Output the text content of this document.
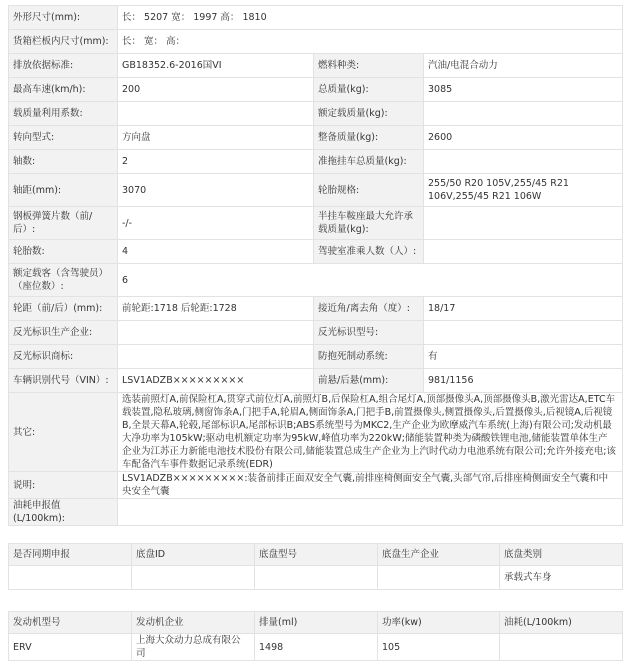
外形尺寸(mm):	长： 5207 宽： 1997 高： 1810		
货箱栏板内尺寸(mm):	长： 宽： 高：		
排放依据标准:	GB18352.6-2016国VI	燃料种类:	汽油/电混合动力
最高车速(km/h):	200	总质量(kg):	3085
载质量利用系数:		额定载质量(kg):	
转向型式:	方向盘	整备质量(kg):	2600
轴数:	2	准拖挂车总质量(kg):	
轴距(mm):	3070	轮胎规格:	255/50 R20 105V,255/45 R21 106V,255/45 R21 106W
钢板弹簧片数（前/后）:	-/-	半挂车鞍座最大允许承载质量(kg):	
轮胎数:	4	驾驶室准乘人数（人）:	
额定载客（含驾驶员）（座位数）:	6		
轮距（前/后）(mm):	前轮距:1718 后轮距:1728	接近角/离去角（度）:	18/17
反光标识生产企业:		反光标识型号:	
反光标识商标:		防抱死制动系统:	有
车辆识别代号（VIN）:	LSV1ADZB×××××××××	前悬/后悬(mm):	981/1156
其它:	选装前照灯A,前保险杠A,贯穿式前位灯A,前照灯B,后保险杠A,组合尾灯A,顶部摄像头A,顶部摄像头B,激光雷达A,ETC车载装置,隐私玻璃,侧窗饰条A,门把手A,轮眉A,侧面饰条A,门把手B,前置摄像头,侧置摄像头,后置摄像头,后视镜A,后视镜B,全景天幕A,轮毂,尾部标识A,尾部标识B;ABS系统型号为MKC2,生产企业为欧摩威汽车系统(上海)有限公司;发动机最大净功率为105kW;驱动电机额定功率为95kW,峰值功率为220kW;储能装置种类为磷酸铁锂电池,储能装置单体生产企业为江苏正力新能电池技术股份有限公司,储能装置总成生产企业为上汽时代动力电池系统有限公司;允许外接充电;该车配备汽车事件数据记录系统(EDR)		
说明:	LSV1ADZB×××××××××:装备前排正面双安全气囊,前排座椅侧面安全气囊,头部气帘,后排座椅侧面安全气囊和中央安全气囊		
油耗申报值(L/100km):			
是否同期申报	底盘ID	底盘型号	底盘生产企业	底盘类别
				承载式车身
发动机型号	发动机企业	排量(ml)	功率(kw)	油耗(L/100km)
ERV	上海大众动力总成有限公司	1498	105	
